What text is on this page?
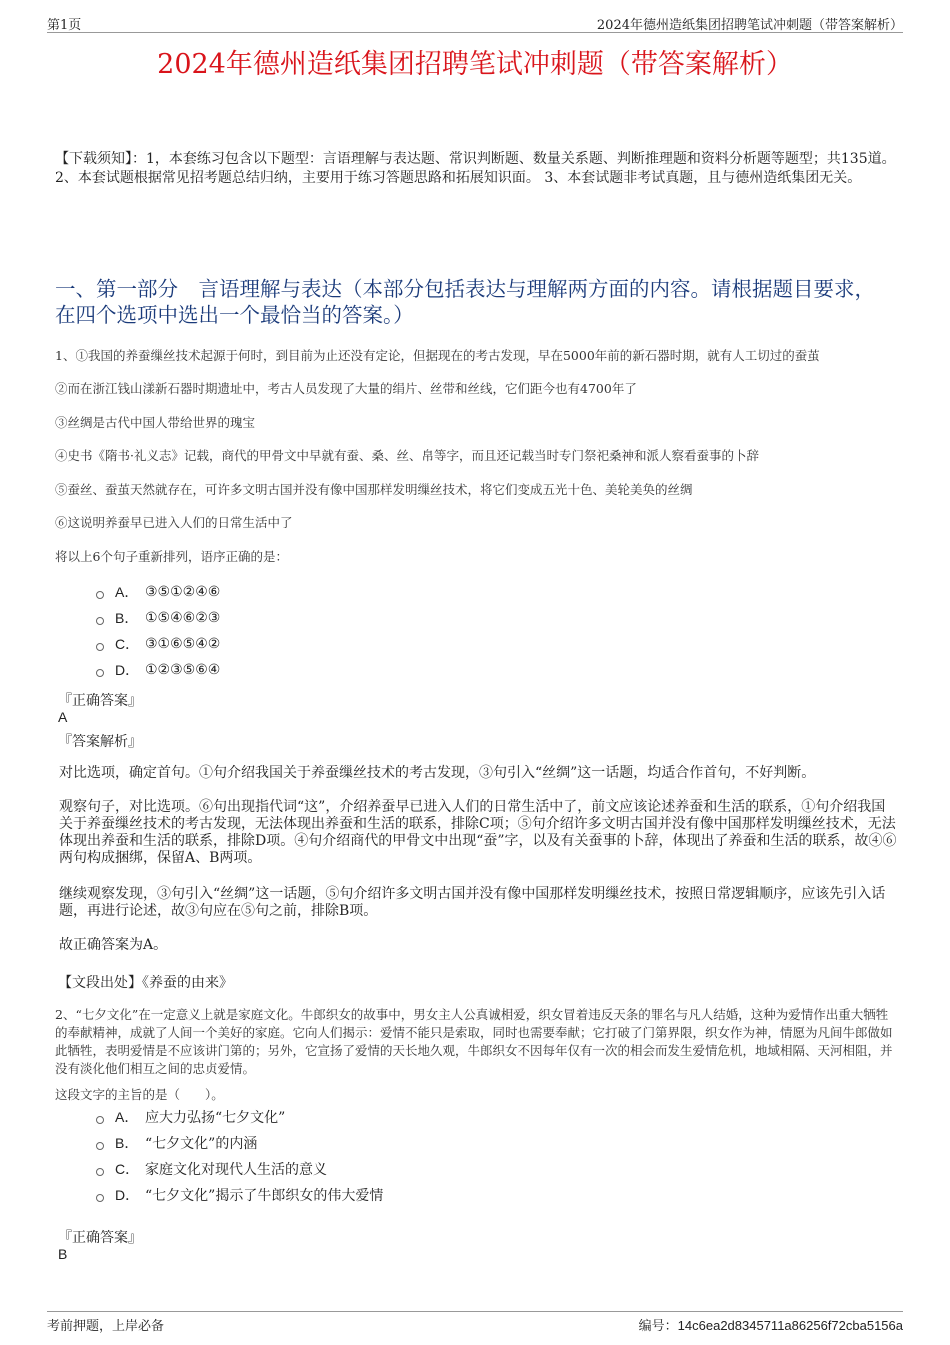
第1页	2024年德州造纸集团招聘笔试冲刺题（带答案解析）
2024年德州造纸集团招聘笔试冲刺题（带答案解析）
【下载须知】：1，本套练习包含以下题型：言语理解与表达题、常识判断题、数量关系题、判断推理题和资料分析题等题型；共135道。 2、本套试题根据常见招考题总结归纳，主要用于练习答题思路和拓展知识面。 3、本套试题非考试真题，且与德州造纸集团无关。
一、第一部分　言语理解与表达（本部分包括表达与理解两方面的内容。请根据题目要求，在四个选项中选出一个最恰当的答案。）
1、①我国的养蚕缫丝技术起源于何时，到目前为止还没有定论，但据现在的考古发现，早在5000年前的新石器时期，就有人工切过的蚕茧
②而在浙江钱山漾新石器时期遗址中，考古人员发现了大量的绢片、丝带和丝线，它们距今也有4700年了
③丝绸是古代中国人带给世界的瑰宝
④史书《隋书·礼义志》记载，商代的甲骨文中早就有蚕、桑、丝、帛等字，而且还记载当时专门祭祀桑神和派人察看蚕事的卜辞
⑤蚕丝、蚕茧天然就存在，可许多文明古国并没有像中国那样发明缫丝技术，将它们变成五光十色、美轮美奂的丝绸
⑥这说明养蚕早已进入人们的日常生活中了
将以上6个句子重新排列，语序正确的是：
A． ③⑤①②④⑥
B． ①⑤④⑥②③
C． ③①⑥⑤④②
D． ①②③⑤⑥④
『正确答案』
A
『答案解析』
对比选项，确定首句。①句介绍我国关于养蚕缫丝技术的考古发现，③句引入“丝绸”这一话题，均适合作首句，不好判断。
观察句子，对比选项。⑥句出现指代词“这”，介绍养蚕早已进入人们的日常生活中了，前文应该论述养蚕和生活的联系，①句介绍我国关于养蚕缫丝技术的考古发现，无法体现出养蚕和生活的联系，排除C项；⑤句介绍许多文明古国并没有像中国那样发明缫丝技术，无法体现出养蚕和生活的联系，排除D项。④句介绍商代的甲骨文中出现“蚕”字，以及有关蚕事的卜辞，体现出了养蚕和生活的联系，故④⑥两句构成捆绑，保留A、B两项。
继续观察发现，③句引入“丝绸”这一话题，⑤句介绍许多文明古国并没有像中国那样发明缫丝技术，按照日常逻辑顺序，应该先引入话题，再进行论述，故③句应在⑤句之前，排除B项。
故正确答案为A。
【文段出处】《养蚕的由来》
2、“七夕文化”在一定意义上就是家庭文化。牛郎织女的故事中，男女主人公真诚相爱，织女冒着违反天条的罪名与凡人结婚，这种为爱情作出重大牺牲的奉献精神，成就了人间一个美好的家庭。它向人们揭示：爱情不能只是索取，同时也需要奉献；它打破了门第界限，织女作为神，情愿为凡间牛郎做如此牺牲，表明爱情是不应该讲门第的；另外，它宣扬了爱情的天长地久观，牛郎织女不因每年仅有一次的相会而发生爱情危机，地域相隔、天河相阻，并没有淡化他们相互之间的忠贞爱情。
这段文字的主旨的是（　　）。
A． 应大力弘扬“七夕文化”
B． “七夕文化”的内涵
C． 家庭文化对现代人生活的意义
D． “七夕文化”揭示了牛郎织女的伟大爱情
『正确答案』
B
考前押题，上岸必备	编号：14c6ea2d8345711a86256f72cba5156a
